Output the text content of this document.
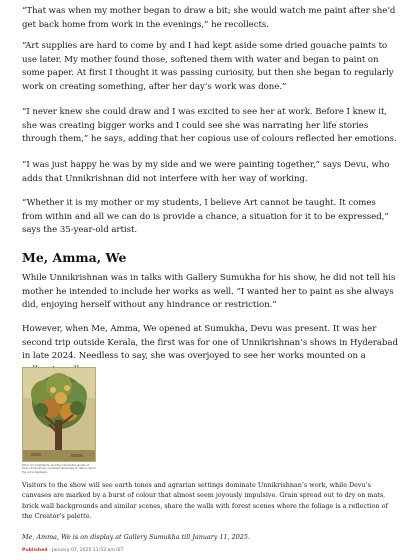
“That was when my mother began to draw a bit; she would watch me paint after she’d get back home from work in the evenings,” he recollects.

“Art supplies are hard to come by and I had kept aside some dried gouache paints to use later. My mother found those, softened them with water and began to paint on some paper. At first I thought it was passing curiosity, but then she began to regularly work on creating something, after her day’s work was done.”

“I never knew she could draw and I was excited to see her at work. Before I knew it, she was creating bigger works and I could see she was narrating her life stories through them,” he says, adding that her copious use of colours reflected her emotions.

“I was just happy he was by my side and we were painting together,” says Devu, who adds that Unnikrishnan did not interfere with her way of working.

“Whether it is my mother or my students, I believe Art cannot be taught. It comes from within and all we can do is provide a chance, a situation for it to be expressed,” says the 35-year-old artist.

Me, Amma, We

While Unnikrishnan was in talks with Gallery Sumukha for his show, he did not tell his mother he intended to include her works as well. “I wanted her to paint as she always did, enjoying herself without any hindrance or restriction.”

However, when Me, Amma, We opened at Sumukha, Devu was present. It was her second trip outside Kerala, the first was for one of Unnikrishnan’s shows in Hyderabad in late 2024. Needless to say, she was overjoyed to see her works mounted on a

Work: for inhabitants, and the interpreted worlds of Devu Unnikrishnan; rendered landscape of nature, which the art is displayed.

Visitors to the show will see earth tones and agrarian settings dominate Unnikrishnan’s work, while Devu’s canvases are marked by a burst of colour that almost seem joyously impulsive. Grain spread out to dry on mats, brick wall backgrounds and similar scenes, share the walls with forest scenes where the foliage is a reflection of the Creator’s palette.

Me, Amma, We is on display at Gallery Sumukha till January 11, 2025.

Published - January 07, 2025 11:53 am IST
